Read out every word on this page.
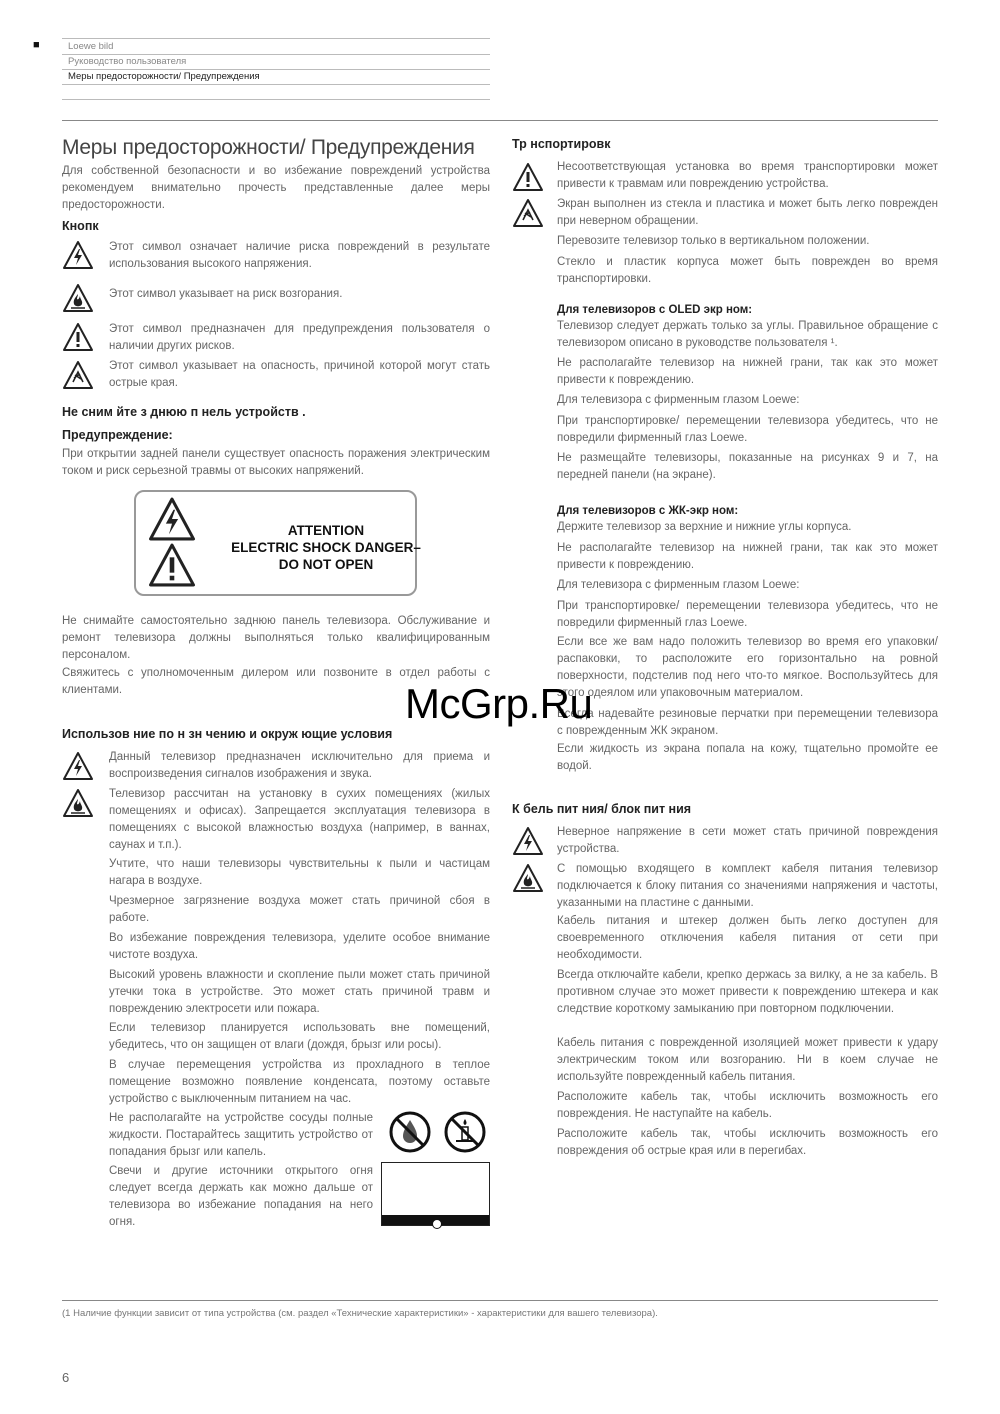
■	Loewe bild
Руководство пользователя
Меры предосторожности/ Предупреждения
Меры предосторожности/ Предупреждения

Для собственной безопасности и во избежание повреждений устройства рекомендуем внимательно прочесть представленные далее меры предосторожности.

Кнопк

Этот символ означает наличие риска повреждений в результате использования высокого напряжения.

Этот символ указывает на риск возгорания.

Этот символ предназначен для предупреждения пользователя о наличии других рисков.

Этот символ указывает на опасность, причиной которой могут стать острые края.

Не сним йте з днюю п нель устройств .
Предупреждение:

При открытии задней панели существует опасность поражения электрическим током и риск серьезной травмы от высоких напряжений.

ATTENTION
ELECTRIC SHOCK DANGER–
DO NOT OPEN

Не снимайте самостоятельно заднюю панель телевизора. Обслуживание и ремонт телевизора должны выполняться только квалифицированным персоналом.

Свяжитесь с уполномоченным дилером или позвоните в отдел работы с клиентами.

Использов ние по н зн чению и окруж ющие условия

Данный телевизор предназначен исключительно для приема и воспроизведения сигналов изображения и звука.

Телевизор рассчитан на установку в сухих помещениях (жилых помещениях и офисах). Запрещается эксплуатация телевизора в помещениях с высокой влажностью воздуха (например, в ваннах, саунах и т.п.).

Учтите, что наши телевизоры чувствительны к пыли и частицам нагара в воздухе.

Чрезмерное загрязнение воздуха может стать причиной сбоя в работе.

Во избежание повреждения телевизора, уделите особое внимание чистоте воздуха.

Высокий уровень влажности и скопление пыли может стать причиной утечки тока в устройстве. Это может стать причиной травм и повреждению электросети или пожара.

Если телевизор планируется использовать вне помещений, убедитесь, что он защищен от влаги (дождя, брызг или росы).

В случае перемещения устройства из прохладного в теплое помещение возможно появление конденсата, поэтому оставьте устройство с выключенным питанием на час.

Не располагайте на устройстве сосуды полные жидкости. Постарайтесь защитить устройство от попадания брызг или капель.

Свечи и другие источники открытого огня следует всегда держать как можно дальше от телевизора во избежание попадания на него огня.

Тр нспортировк

Несоответствующая установка во время транспортировки может привести к травмам или повреждению устройства.

Экран выполнен из стекла и пластика и может быть легко поврежден при неверном обращении.

Перевозите телевизор только в вертикальном положении.

Стекло и пластик корпуса может быть поврежден во время транспортировки.

Для телевизоров с OLED экр ном:

Телевизор следует держать только за углы. Правильное обращение с телевизором описано в руководстве пользователя ¹.

Не располагайте телевизор на нижней грани, так как это может привести к повреждению.

Для телевизора с фирменным глазом Loewe:

При транспортировке/ перемещении телевизора убедитесь, что не повредили фирменный глаз Loewe.

Не размещайте телевизоры, показанные на рисунках 9 и 7, на передней панели (на экране).

Для телевизоров с ЖК-экр ном:

Держите телевизор за верхние и нижние углы корпуса.

Не располагайте телевизор на нижней грани, так как это может привести к повреждению.

Для телевизора с фирменным глазом Loewe:

При транспортировке/ перемещении телевизора убедитесь, что не повредили фирменный глаз Loewe.

Если все же вам надо положить телевизор во время его упаковки/распаковки, то расположите его горизонтально на ровной поверхности, подстелив под него что-то мягкое. Воспользуйтесь для этого одеялом или упаковочным материалом.

Всегда надевайте резиновые перчатки при перемещении телевизора с поврежденным ЖК экраном.

Если жидкость из экрана попала на кожу, тщательно промойте ее водой.

К бель пит ния/ блок пит ния

Неверное напряжение в сети может стать причиной повреждения устройства.

С помощью входящего в комплект кабеля питания телевизор подключается к блоку питания со значениями напряжения и частоты, указанными на пластине с данными.

Кабель питания и штекер должен быть легко доступен для своевременного отключения кабеля питания от сети при необходимости.

Всегда отключайте кабели, крепко держась за вилку, а не за кабель. В противном случае это может привести к повреждению штекера и как следствие короткому замыканию при повторном подключении.

Кабель питания с поврежденной изоляцией может привести к удару электрическим током или возгоранию. Ни в коем случае не используйте поврежденный кабель питания.

Расположите кабель так, чтобы исключить возможность его повреждения. Не наступайте на кабель.

Расположите кабель так, чтобы исключить возможность его повреждения об острые края или в перегибах.

McGrp.Ru
(1 Наличие функции зависит от типа устройства (см. раздел «Технические характеристики» - характеристики для вашего телевизора).
6
